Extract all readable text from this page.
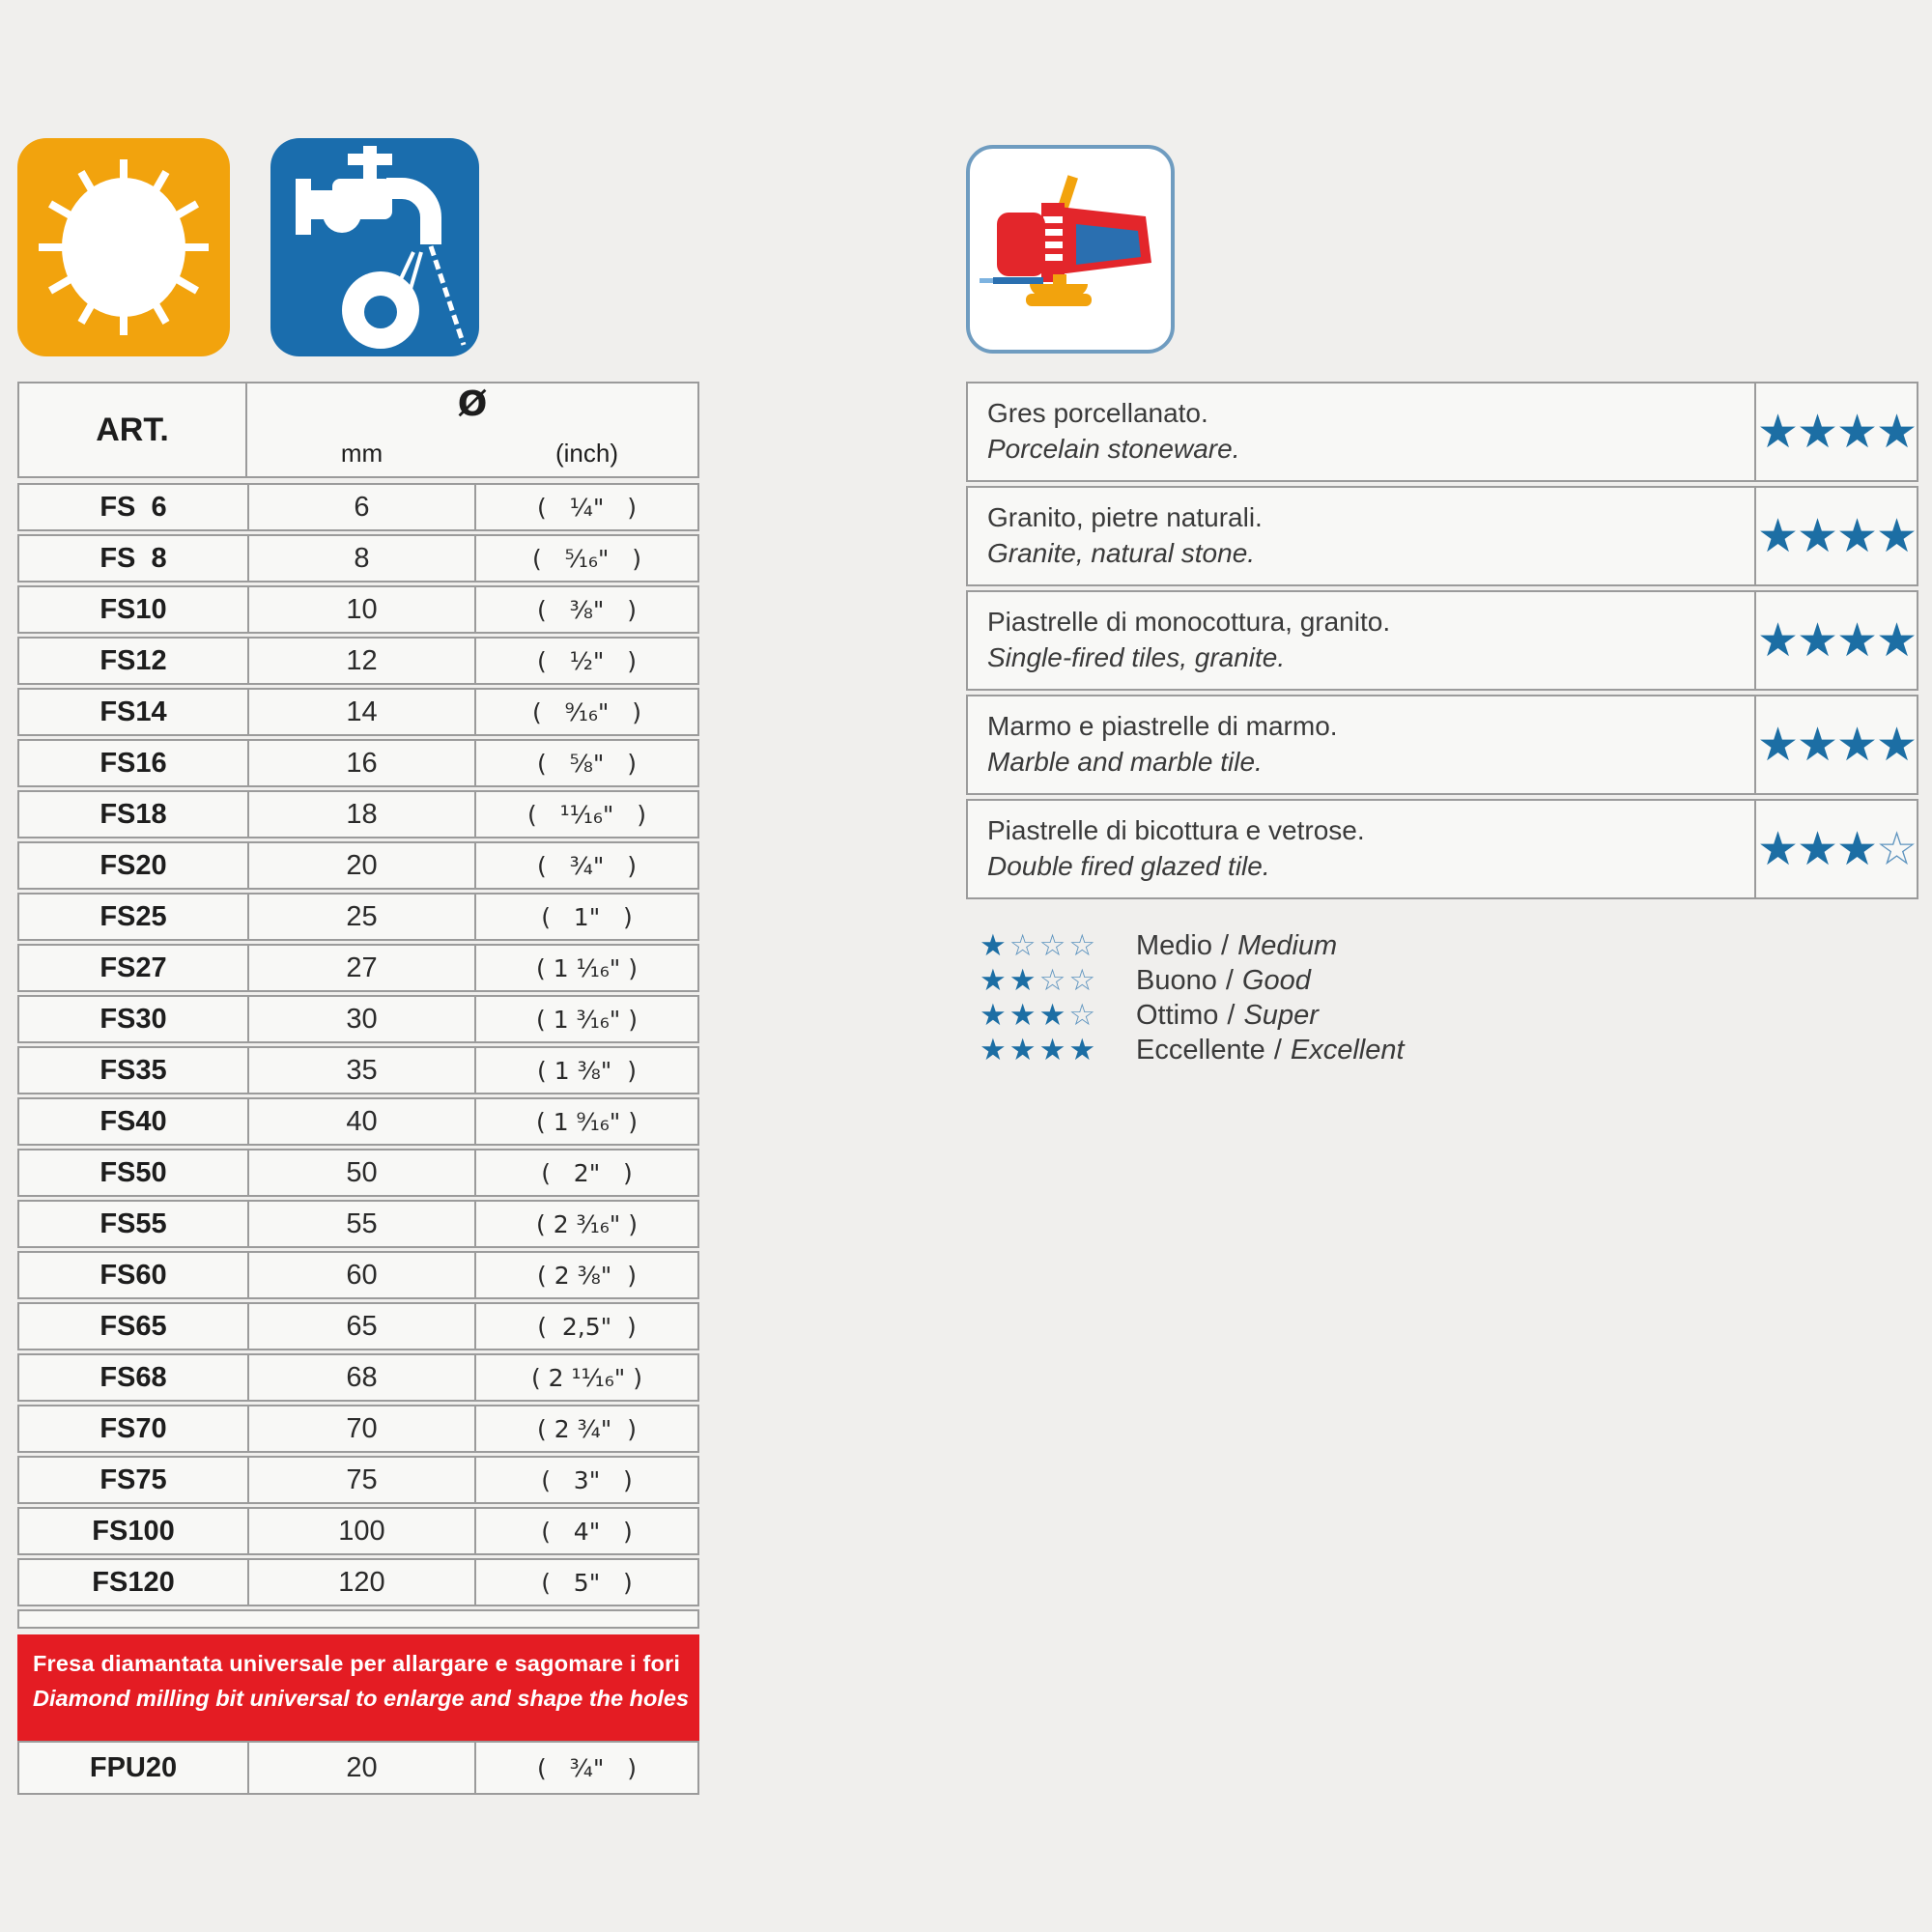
ART.
Ø
mm	(inch)
FS  6	6	(   ¹⁄₄"   )
FS  8	8	(   ⁵⁄₁₆"   )
FS10	10	(   ³⁄₈"   )
FS12	12	(   ¹⁄₂"   )
FS14	14	(   ⁹⁄₁₆"   )
FS16	16	(   ⁵⁄₈"   )
FS18	18	(   ¹¹⁄₁₆"   )
FS20	20	(   ³⁄₄"   )
FS25	25	(   1"   )
FS27	27	( 1 ¹⁄₁₆" )
FS30	30	( 1 ³⁄₁₆" )
FS35	35	( 1 ³⁄₈"  )
FS40	40	( 1 ⁹⁄₁₆" )
FS50	50	(   2"   )
FS55	55	( 2 ³⁄₁₆" )
FS60	60	( 2 ³⁄₈"  )
FS65	65	(  2,5"  )
FS68	68	( 2 ¹¹⁄₁₆" )
FS70	70	( 2 ³⁄₄"  )
FS75	75	(   3"   )
FS100	100	(   4"   )
FS120	120	(   5"   )
Fresa diamantata universale per allargare e sagomare i fori
Diamond milling bit universal to enlarge and shape the holes
FPU20	20	(   ³⁄₄"   )
Gres porcellanato.
Porcelain stoneware.	★★★★
Granito, pietre naturali.
Granite, natural stone.	★★★★
Piastrelle di monocottura, granito.
Single-fired tiles, granite.	★★★★
Marmo e piastrelle di marmo.
Marble and marble tile.	★★★★
Piastrelle di bicottura e vetrose.
Double fired glazed tile.	★★★ ☆
★☆☆☆	Medio / Medium
★★☆☆	Buono / Good
★★★☆	Ottimo / Super
★★★★	Eccellente / Excellent
